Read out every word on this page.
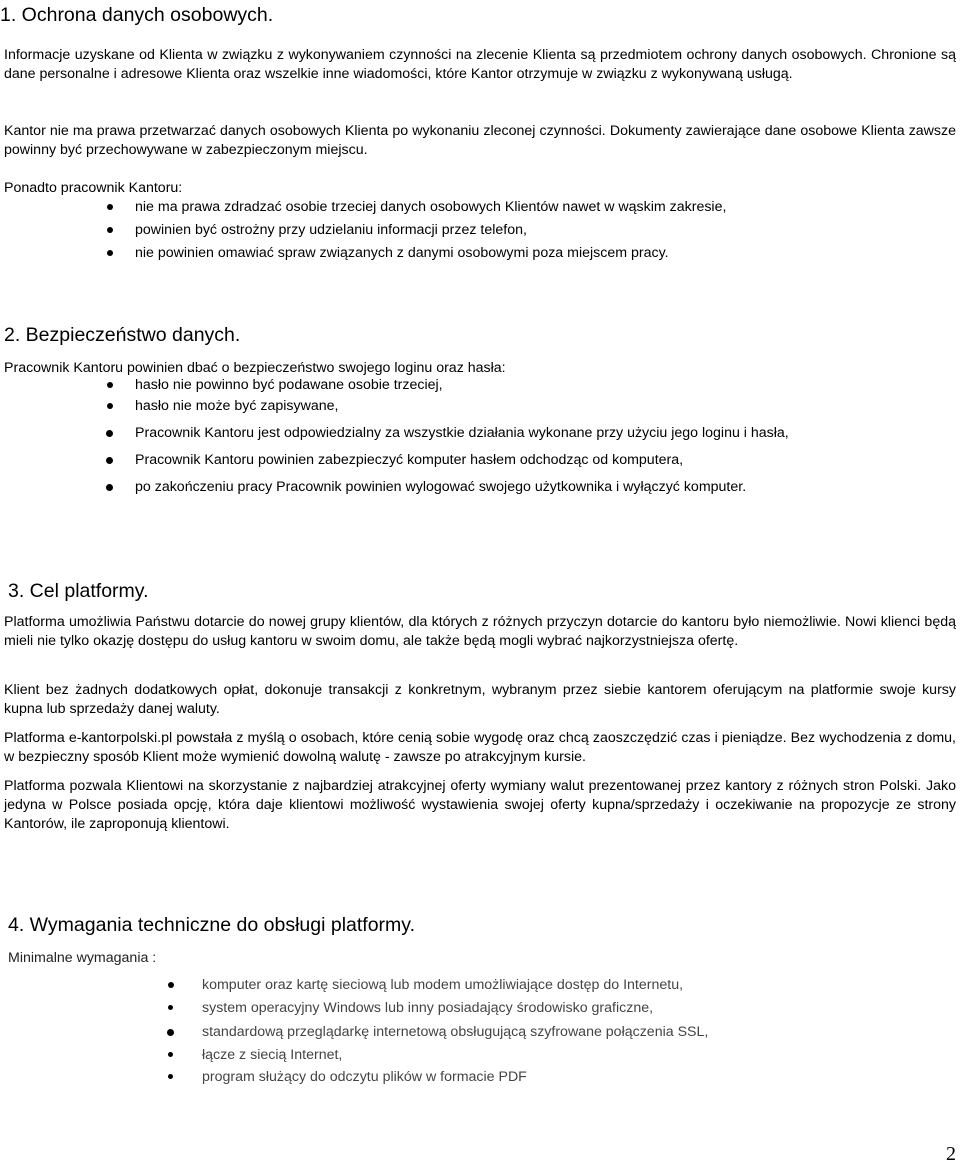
1. Ochrona danych osobowych.

Informacje uzyskane od Klienta w związku z wykonywaniem czynności na zlecenie Klienta są przedmiotem ochrony danych osobowych. Chronione są dane personalne i adresowe Klienta oraz wszelkie inne wiadomości, które Kantor otrzymuje w związku z wykonywaną usługą.

Kantor nie ma prawa przetwarzać danych osobowych Klienta po wykonaniu zleconej czynności. Dokumenty zawierające dane osobowe Klienta zawsze powinny być przechowywane w zabezpieczonym miejscu.

Ponadto pracownik Kantoru:

nie ma prawa zdradzać osobie trzeciej danych osobowych Klientów nawet w wąskim zakresie,
powinien być ostrożny przy udzielaniu informacji przez telefon,
nie powinien omawiać spraw związanych z danymi osobowymi poza miejscem pracy.
2. Bezpieczeństwo danych.

Pracownik Kantoru powinien dbać o bezpieczeństwo swojego loginu oraz hasła:

hasło nie powinno być podawane osobie trzeciej,
hasło nie może być zapisywane,
Pracownik Kantoru jest odpowiedzialny za wszystkie działania wykonane przy użyciu jego loginu i hasła,
Pracownik Kantoru powinien zabezpieczyć komputer hasłem odchodząc od komputera,
po zakończeniu pracy Pracownik powinien wylogować swojego użytkownika i wyłączyć komputer.
3. Cel platformy.

Platforma umożliwia Państwu dotarcie do nowej grupy klientów, dla których z różnych przyczyn dotarcie do kantoru było niemożliwie. Nowi klienci będą mieli nie tylko okazję dostępu do usług kantoru w swoim domu, ale także będą mogli wybrać najkorzystniejsza ofertę.

Klient bez żadnych dodatkowych opłat, dokonuje transakcji z konkretnym, wybranym przez siebie kantorem oferującym na platformie swoje kursy kupna lub sprzedaży danej waluty.

Platforma e-kantorpolski.pl powstała z myślą o osobach, które cenią sobie wygodę oraz chcą zaoszczędzić czas i pieniądze. Bez wychodzenia z domu, w bezpieczny sposób Klient może wymienić dowolną walutę - zawsze po atrakcyjnym kursie.

Platforma pozwala Klientowi na skorzystanie z najbardziej atrakcyjnej oferty wymiany walut prezentowanej przez kantory z różnych stron Polski. Jako jedyna w Polsce posiada opcję, która daje klientowi możliwość wystawienia swojej oferty kupna/sprzedaży i oczekiwanie na propozycje ze strony Kantorów, ile zaproponują klientowi.

4. Wymagania techniczne do obsługi platformy.

Minimalne wymagania :

komputer oraz kartę sieciową lub modem umożliwiające dostęp do Internetu,
system operacyjny Windows lub inny posiadający środowisko graficzne,
standardową przeglądarkę internetową obsługującą szyfrowane połączenia SSL,
łącze z siecią Internet,
program służący do odczytu plików w formacie PDF
2
